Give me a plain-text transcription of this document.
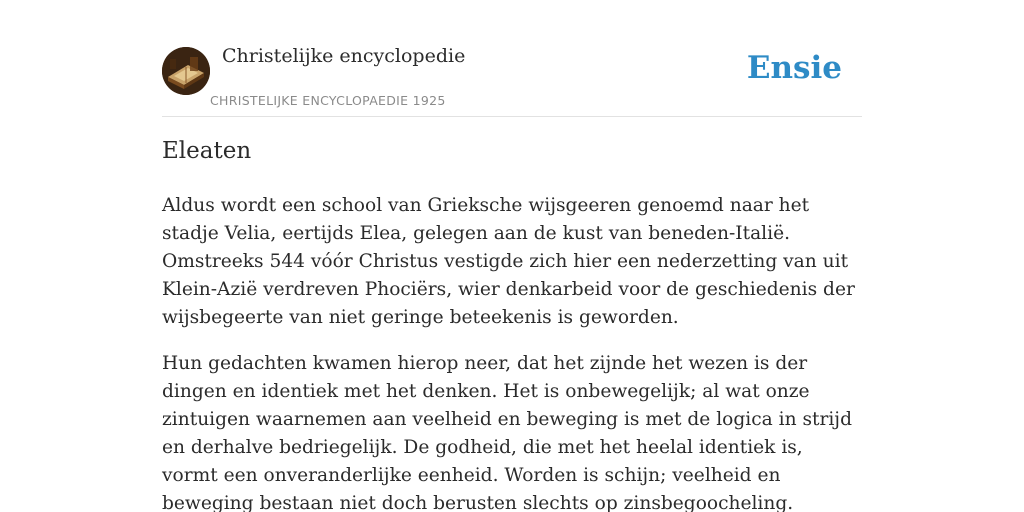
Christelijke encyclopedie
CHRISTELIJKE ENCYCLOPAEDIE 1925
Ensie
Eleaten

Aldus wordt een school van Grieksche wijsgeeren genoemd naar het stadje Velia, eertijds Elea, gelegen aan de kust van beneden-Italië. Omstreeks 544 vóór Christus vestigde zich hier een nederzetting van uit Klein-Azië verdreven Phociërs, wier denkarbeid voor de geschiedenis der wijsbegeerte van niet geringe beteekenis is geworden.

Hun gedachten kwamen hierop neer, dat het zijnde het wezen is der dingen en identiek met het denken. Het is onbewegelijk; al wat onze zintuigen waarnemen aan veelheid en beweging is met de logica in strijd en derhalve bedriegelijk. De godheid, die met het heelal identiek is, vormt een onveranderlijke eenheid. Worden is schijn; veelheid en beweging bestaan niet doch berusten slechts op zinsbegoocheling.
